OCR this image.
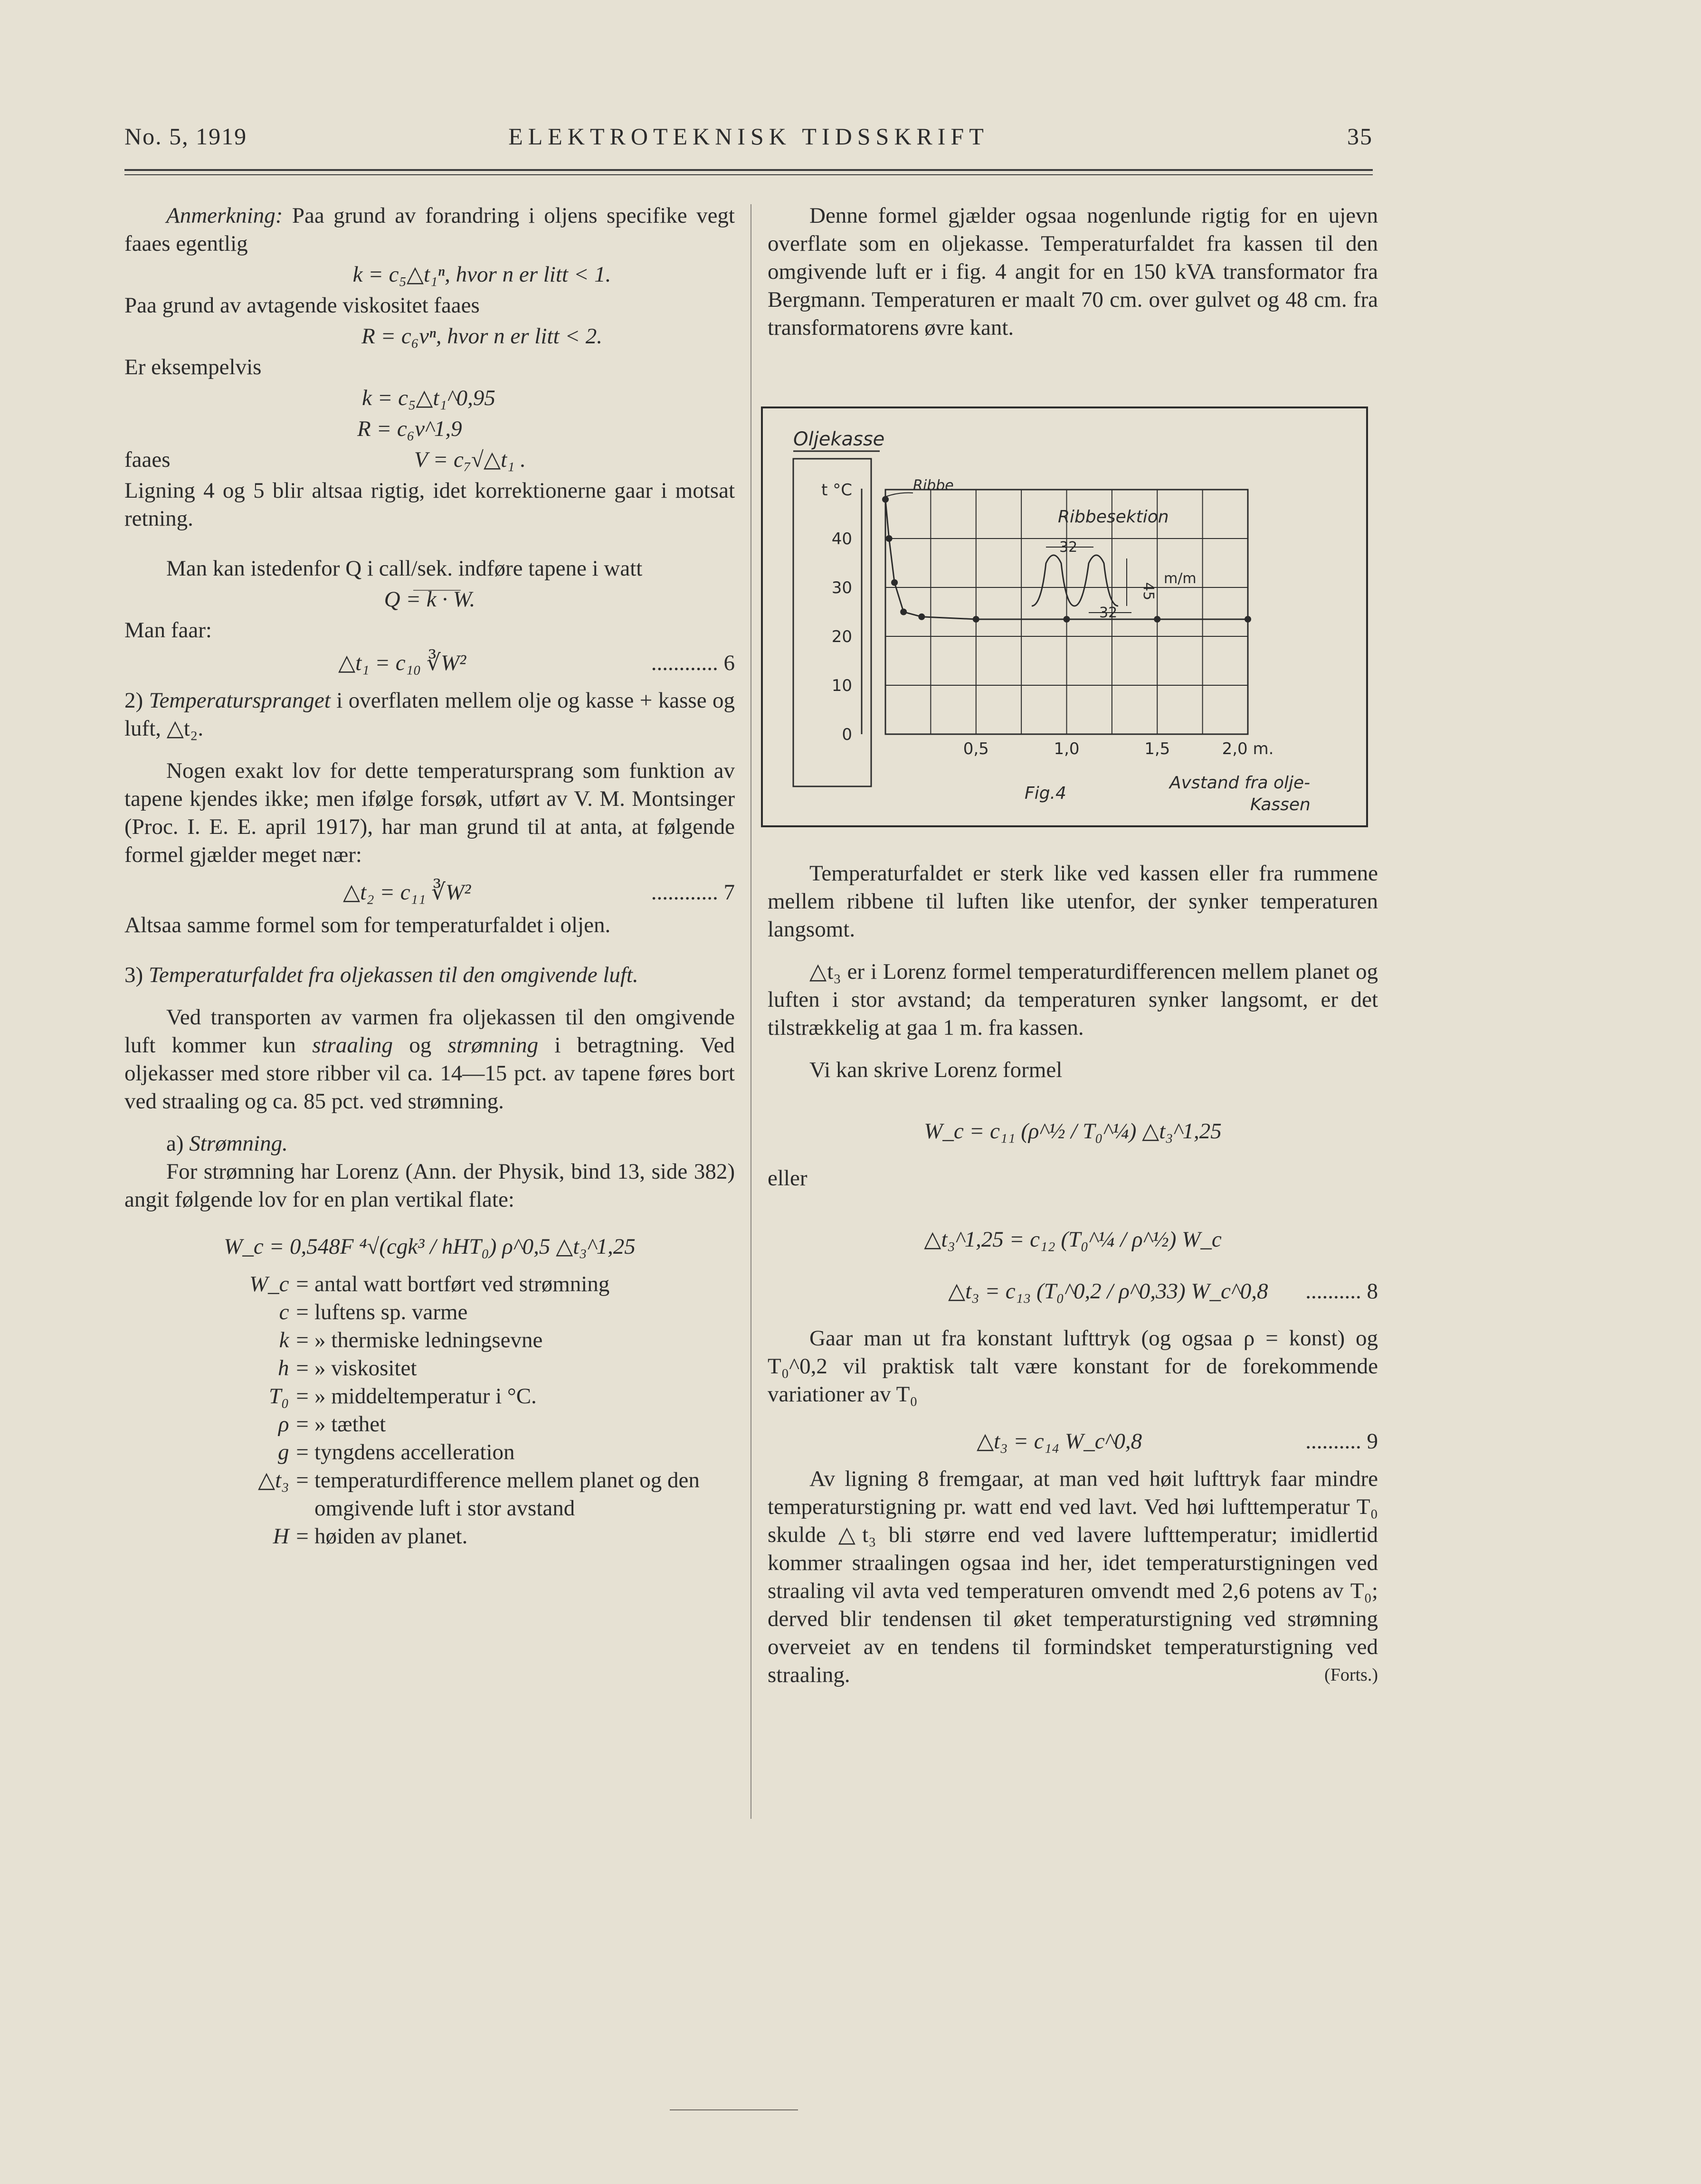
No. 5, 1919	ELEKTROTEKNISK TIDSSKRIFT	35

Anmerkning: Paa grund av forandring i oljens specifike vegt faaes egentlig

k = c₅△t₁ⁿ, hvor n er litt < 1.

Paa grund av avtagende viskositet faaes

R = c₆vⁿ, hvor n er litt < 2.

Er eksempelvis

k = c₅△t₁^0,95
R = c₆v^1,9
faaes	V = c₇√△t₁ .

Ligning 4 og 5 blir altsaa rigtig, idet korrektionerne gaar i motsat retning.

Man kan istedenfor Q i call/sek. indføre tapene i watt

Q = k · W.

Man faar:

△t₁ = c₁₀ ∛W²	............ 6

2) Temperaturspranget i overflaten mellem olje og kasse + kasse og luft, △t₂.

Nogen exakt lov for dette temperatursprang som funktion av tapene kjendes ikke; men ifølge forsøk, utført av V. M. Montsinger (Proc. I. E. E. april 1917), har man grund til at anta, at følgende formel gjælder meget nær:

△t₂ = c₁₁ ∛W²	............ 7

Altsaa samme formel som for temperaturfaldet i oljen.

3) Temperaturfaldet fra oljekassen til den omgivende luft.

Ved transporten av varmen fra oljekassen til den omgivende luft kommer kun straaling og strømning i betragtning. Ved oljekasser med store ribber vil ca. 14—15 pct. av tapene føres bort ved straaling og ca. 85 pct. ved strømning.

a) Strømning.

For strømning har Lorenz (Ann. der Physik, bind 13, side 382) angit følgende lov for en plan vertikal flate:

W_c = 0,548F ⁴√(cgk³ / hHT₀) ρ^0,5 △t₃^1,25
W_c = antal watt bortført ved strømning
c = luftens sp. varme
k = » thermiske ledningsevne
h = » viskositet
T₀ = » middeltemperatur i °C.
ρ = » tæthet
g = tyngdens accelleration
△t₃ = temperaturdifference mellem planet og den omgivende luft i stor avstand
H = høiden av planet.

Denne formel gjælder ogsaa nogenlunde rigtig for en ujevn overflate som en oljekasse. Temperaturfaldet fra kassen til den omgivende luft er i fig. 4 angit for en 150 kVA transformator fra Bergmann. Temperaturen er maalt 70 cm. over gulvet og 48 cm. fra transformatorens øvre kant.

Oljekasse
Ribbe
Ribbesektion
32
32
45
m/m
Fig.4
Avstand fra olje-
Kassen
0
10
20
30
40
t °C
0,5	1,0	1,5	2,0 m.

Temperaturfaldet er sterk like ved kassen eller fra rummene mellem ribbene til luften like utenfor, der synker temperaturen langsomt.

△t₃ er i Lorenz formel temperaturdifferencen mellem planet og luften i stor avstand; da temperaturen synker langsomt, er det tilstrækkelig at gaa 1 m. fra kassen.

Vi kan skrive Lorenz formel

W_c = c₁₁ (ρ^½ / T₀^¼) △t₃^1,25

eller

△t₃^1,25 = c₁₂ (T₀^¼ / ρ^½) W_c
△t₃ = c₁₃ (T₀^0,2 / ρ^0,33) W_c^0,8 .......... 8

Gaar man ut fra konstant lufttryk (og ogsaa ρ = konst) og T₀^0,2 vil praktisk talt være konstant for de forekommende variationer av T₀

△t₃ = c₁₄ W_c^0,8	.......... 9

Av ligning 8 fremgaar, at man ved høit lufttryk faar mindre temperaturstigning pr. watt end ved lavt. Ved høi lufttemperatur T₀ skulde △t₃ bli større end ved lavere lufttemperatur; imidlertid kommer straalingen ogsaa ind her, idet temperaturstigningen ved straaling vil avta ved temperaturen omvendt med 2,6 potens av T₀; derved blir tendensen til øket temperaturstigning ved strømning overveiet av en tendens til formindsket temperaturstigning ved straaling.	(Forts.)
